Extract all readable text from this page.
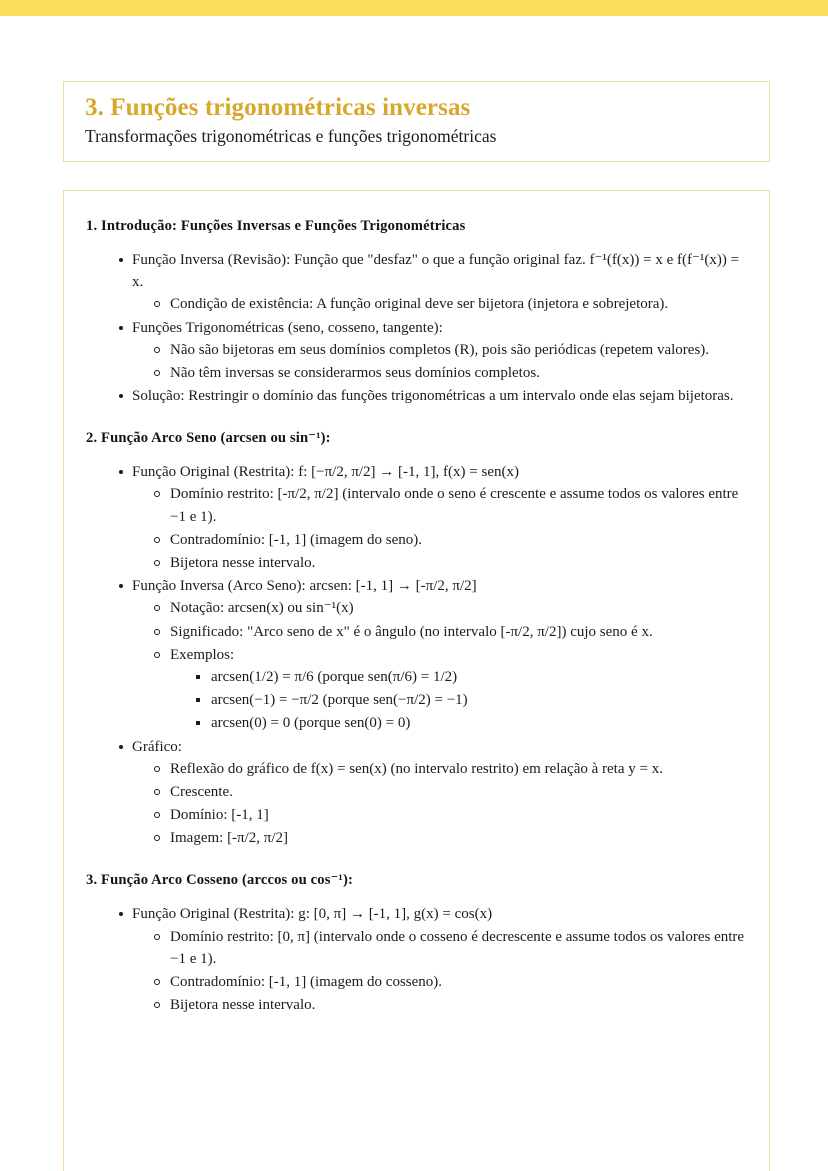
3. Funções trigonométricas inversas
Transformações trigonométricas e funções trigonométricas
1. Introdução: Funções Inversas e Funções Trigonométricas
Função Inversa (Revisão): Função que "desfaz" o que a função original faz. f⁻¹(f(x)) = x e f(f⁻¹(x)) = x.
Condição de existência: A função original deve ser bijetora (injetora e sobrejetora).
Funções Trigonométricas (seno, cosseno, tangente):
Não são bijetoras em seus domínios completos (R), pois são periódicas (repetem valores).
Não têm inversas se considerarmos seus domínios completos.
Solução: Restringir o domínio das funções trigonométricas a um intervalo onde elas sejam bijetoras.
2. Função Arco Seno (arcsen ou sin⁻¹):
Função Original (Restrita): f: [−π/2, π/2] → [-1, 1], f(x) = sen(x)
Domínio restrito: [-π/2, π/2] (intervalo onde o seno é crescente e assume todos os valores entre −1 e 1).
Contradomínio: [-1, 1] (imagem do seno).
Bijetora nesse intervalo.
Função Inversa (Arco Seno): arcsen: [-1, 1] → [-π/2, π/2]
Notação: arcsen(x) ou sin⁻¹(x)
Significado: "Arco seno de x" é o ângulo (no intervalo [-π/2, π/2]) cujo seno é x.
Exemplos:
arcsen(1/2) = π/6 (porque sen(π/6) = 1/2)
arcsen(−1) = −π/2 (porque sen(−π/2) = −1)
arcsen(0) = 0 (porque sen(0) = 0)
Gráfico:
Reflexão do gráfico de f(x) = sen(x) (no intervalo restrito) em relação à reta y = x.
Crescente.
Domínio: [-1, 1]
Imagem: [-π/2, π/2]
3. Função Arco Cosseno (arccos ou cos⁻¹):
Função Original (Restrita): g: [0, π] → [-1, 1], g(x) = cos(x)
Domínio restrito: [0, π] (intervalo onde o cosseno é decrescente e assume todos os valores entre −1 e 1).
Contradomínio: [-1, 1] (imagem do cosseno).
Bijetora nesse intervalo.
